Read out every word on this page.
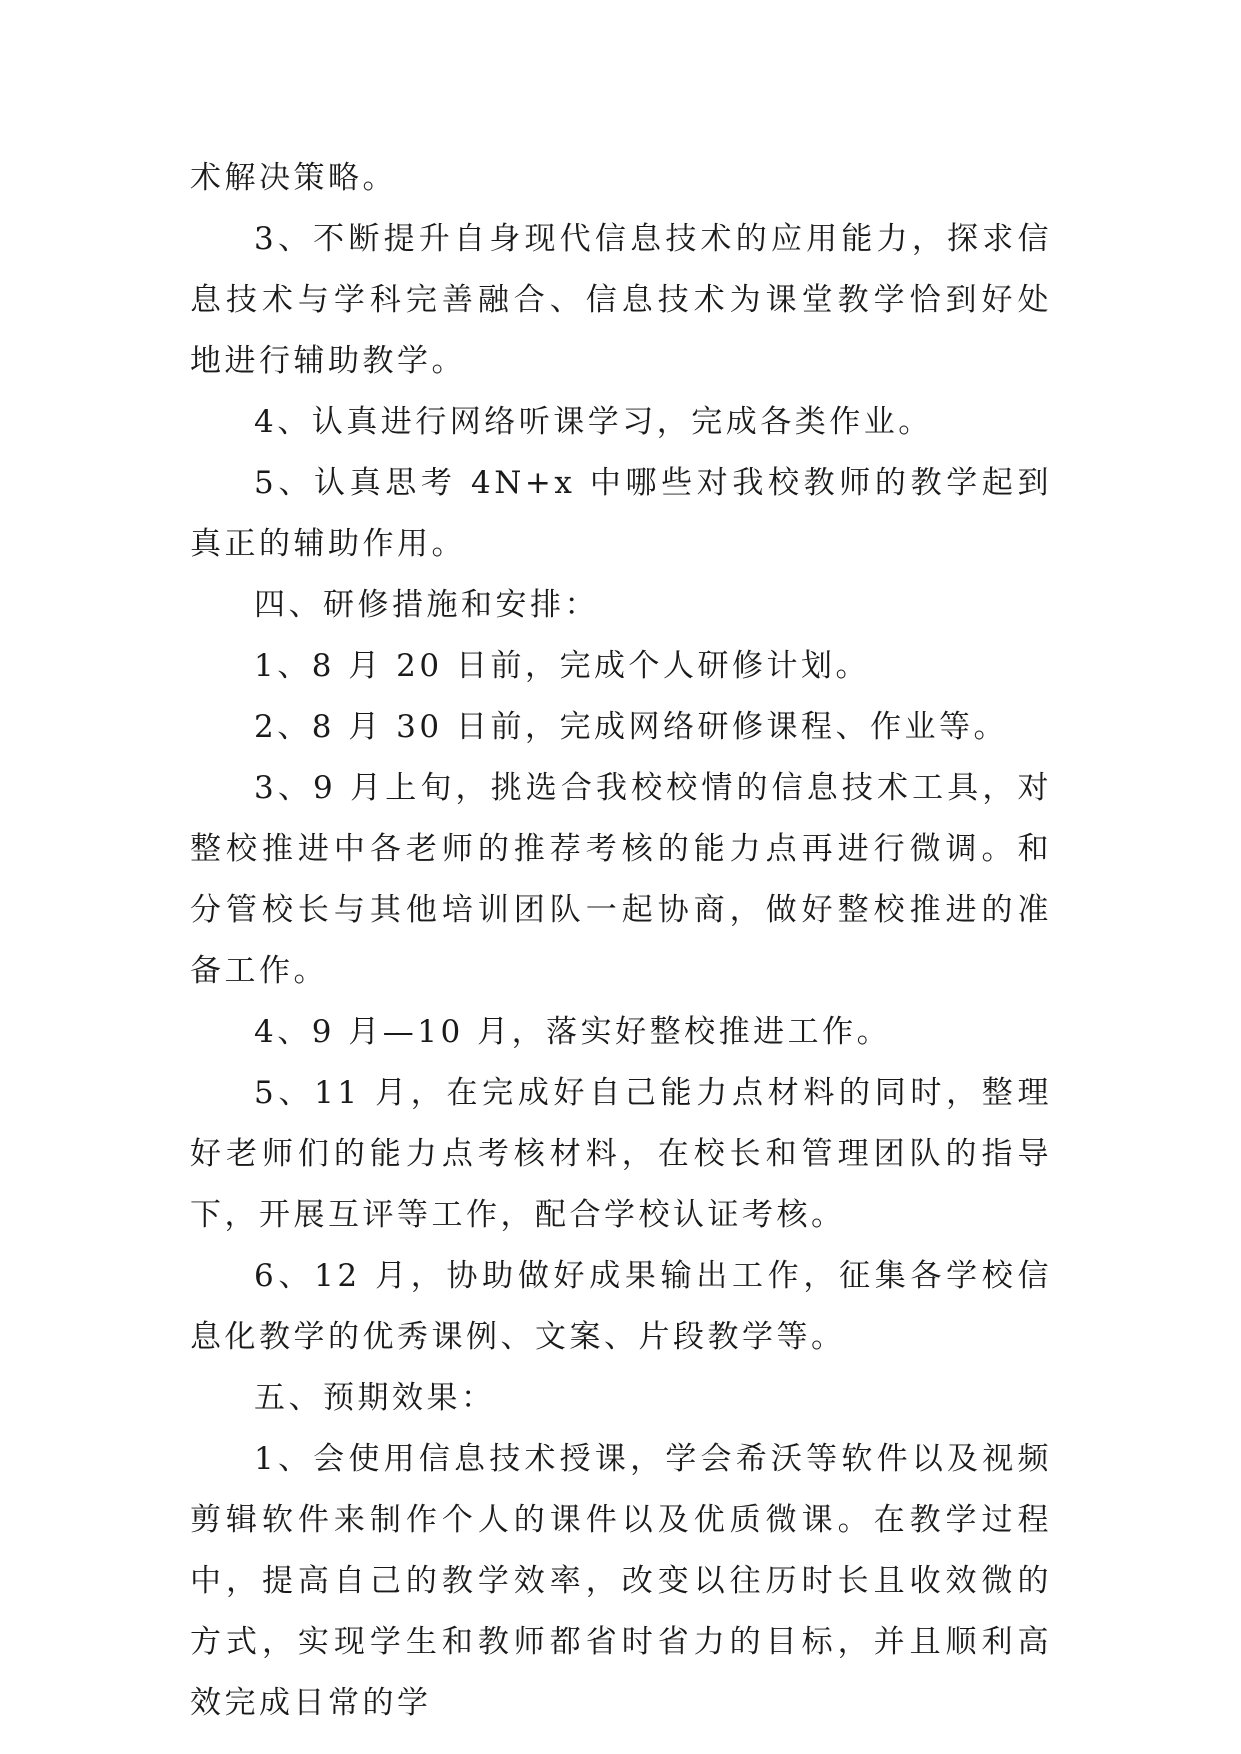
术解决策略。

3、不断提升自身现代信息技术的应用能力，探求信息技术与学科完善融合、信息技术为课堂教学恰到好处地进行辅助教学。

4、认真进行网络听课学习，完成各类作业。

5、认真思考 4N+x 中哪些对我校教师的教学起到真正的辅助作用。

四、研修措施和安排：

1、8 月 20 日前，完成个人研修计划。

2、8 月 30 日前，完成网络研修课程、作业等。

3、9 月上旬，挑选合我校校情的信息技术工具，对整校推进中各老师的推荐考核的能力点再进行微调。和分管校长与其他培训团队一起协商，做好整校推进的准备工作。

4、9 月—10 月，落实好整校推进工作。

5、11 月，在完成好自己能力点材料的同时，整理好老师们的能力点考核材料，在校长和管理团队的指导下，开展互评等工作，配合学校认证考核。

6、12 月，协助做好成果输出工作，征集各学校信息化教学的优秀课例、文案、片段教学等。

五、预期效果：

1、会使用信息技术授课，学会希沃等软件以及视频剪辑软件来制作个人的课件以及优质微课。在教学过程中，提高自己的教学效率，改变以往历时长且收效微的方式，实现学生和教师都省时省力的目标，并且顺利高效完成日常的学
